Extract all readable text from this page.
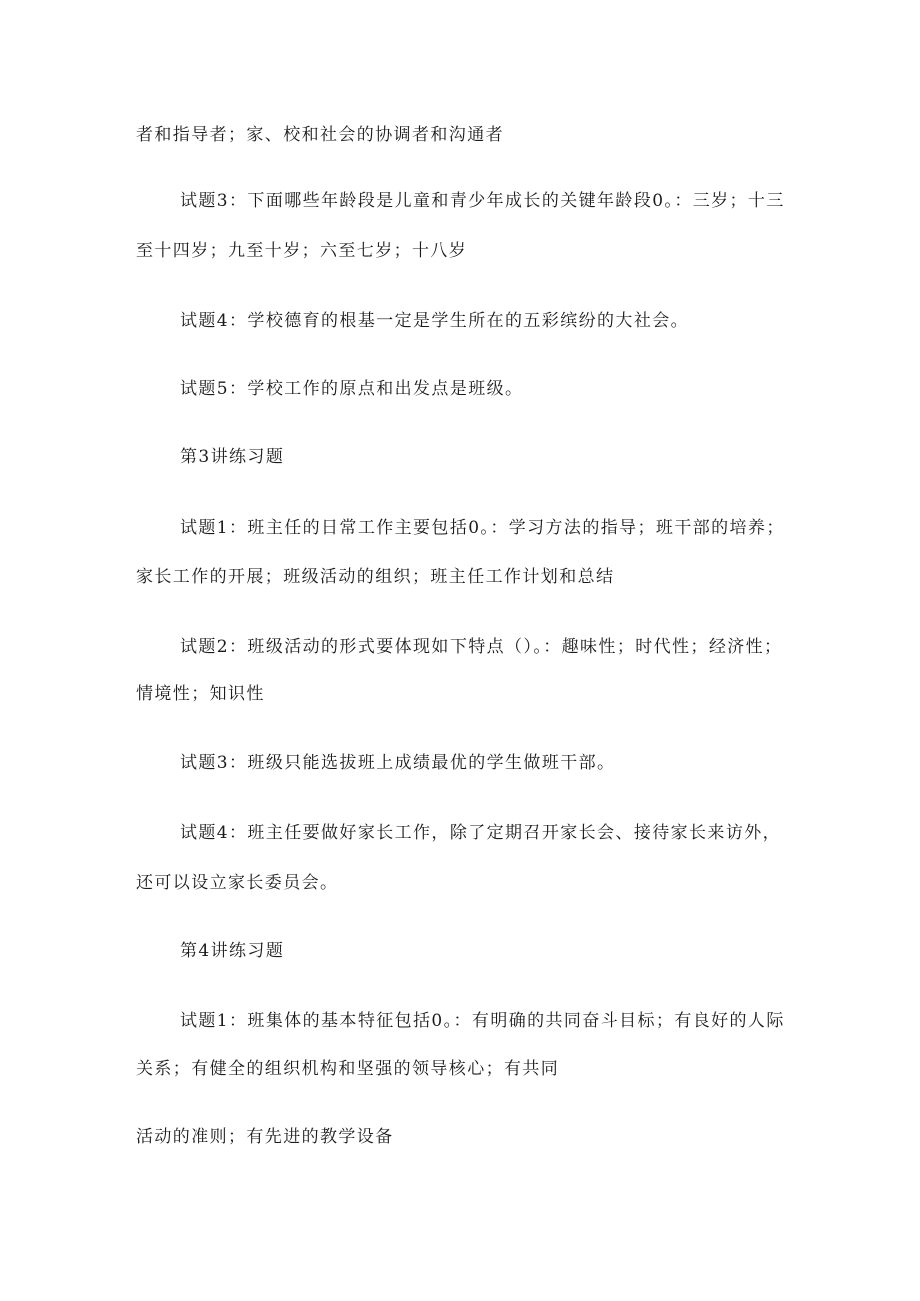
者和指导者；家、校和社会的协调者和沟通者
试题3：下面哪些年龄段是儿童和青少年成长的关键年龄段0。：三岁；十三
至十四岁；九至十岁；六至七岁；十八岁
试题4：学校德育的根基一定是学生所在的五彩缤纷的大社会。
试题5：学校工作的原点和出发点是班级。
第3讲练习题
试题1：班主任的日常工作主要包括0。：学习方法的指导；班干部的培养；
家长工作的开展；班级活动的组织；班主任工作计划和总结
试题2：班级活动的形式要体现如下特点（）。：趣味性；时代性；经济性；
情境性；知识性
试题3：班级只能选拔班上成绩最优的学生做班干部。
试题4：班主任要做好家长工作，除了定期召开家长会、接待家长来访外，
还可以设立家长委员会。
第4讲练习题
试题1：班集体的基本特征包括0。：有明确的共同奋斗目标；有良好的人际
关系；有健全的组织机构和坚强的领导核心；有共同
活动的准则；有先进的教学设备
